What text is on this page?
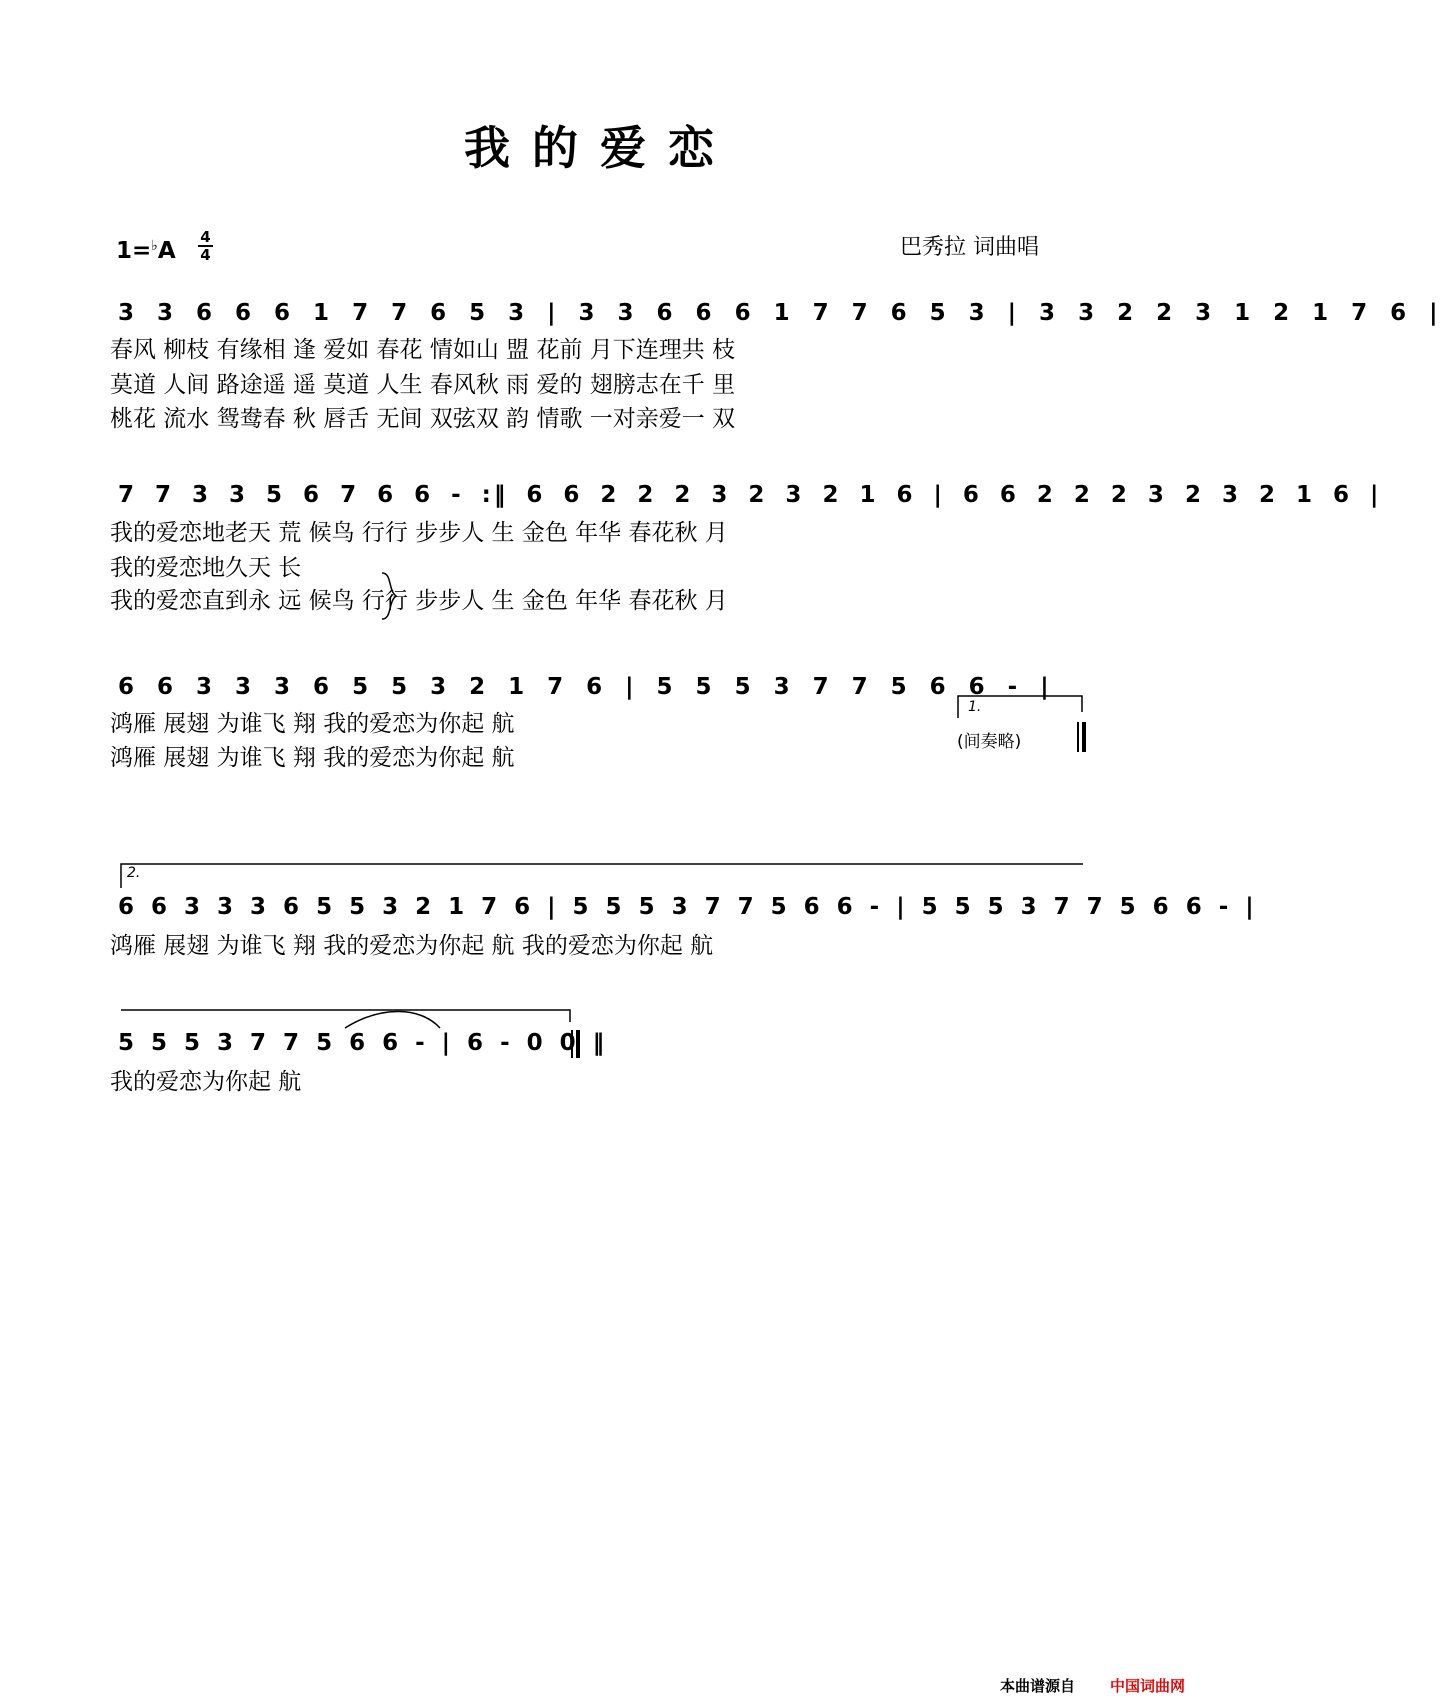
我的爱恋
巴秀拉 词曲唱
1=♭A
4
4
3 3 6 6 6 1 7 7 6 5 3 | 3 3 6 6 6 1 7 7 6 5 3 | 3 3 2 2 3 1 2 1 7 6 |
春风 柳枝 有缘相 逢 爱如 春花 情如山 盟 花前 月下连理共 枝
莫道 人间 路途遥 遥 莫道 人生 春风秋 雨 爱的 翅膀志在千 里
桃花 流水 鸳鸯春 秋 唇舌 无间 双弦双 韵 情歌 一对亲爱一 双
7 7 3 3 5 6 7 6 6 - :‖ 6 6 2 2 2 3 2 3 2 1 6 | 6 6 2 2 2 3 2 3 2 1 6 |
我的爱恋地老天 荒 候鸟 行行 步步人 生 金色 年华 春花秋 月
我的爱恋地久天 长
我的爱恋直到永 远 候鸟 行行 步步人 生 金色 年华 春花秋 月
6 6 3 3 3 6 5 5 3 2 1 7 6 | 5 5 5 3 7 7 5 6 6 - |
鸿雁 展翅 为谁飞 翔 我的爱恋为你起 航
鸿雁 展翅 为谁飞 翔 我的爱恋为你起 航
1.
(间奏略)
2.
6 6 3 3 3 6 5 5 3 2 1 7 6 | 5 5 5 3 7 7 5 6 6 - | 5 5 5 3 7 7 5 6 6 - |
鸿雁 展翅 为谁飞 翔 我的爱恋为你起 航 我的爱恋为你起 航
5 5 5 3 7 7 5 6 6 - | 6 - 0 0 ‖
我的爱恋为你起 航
本曲谱源自 中国词曲网
